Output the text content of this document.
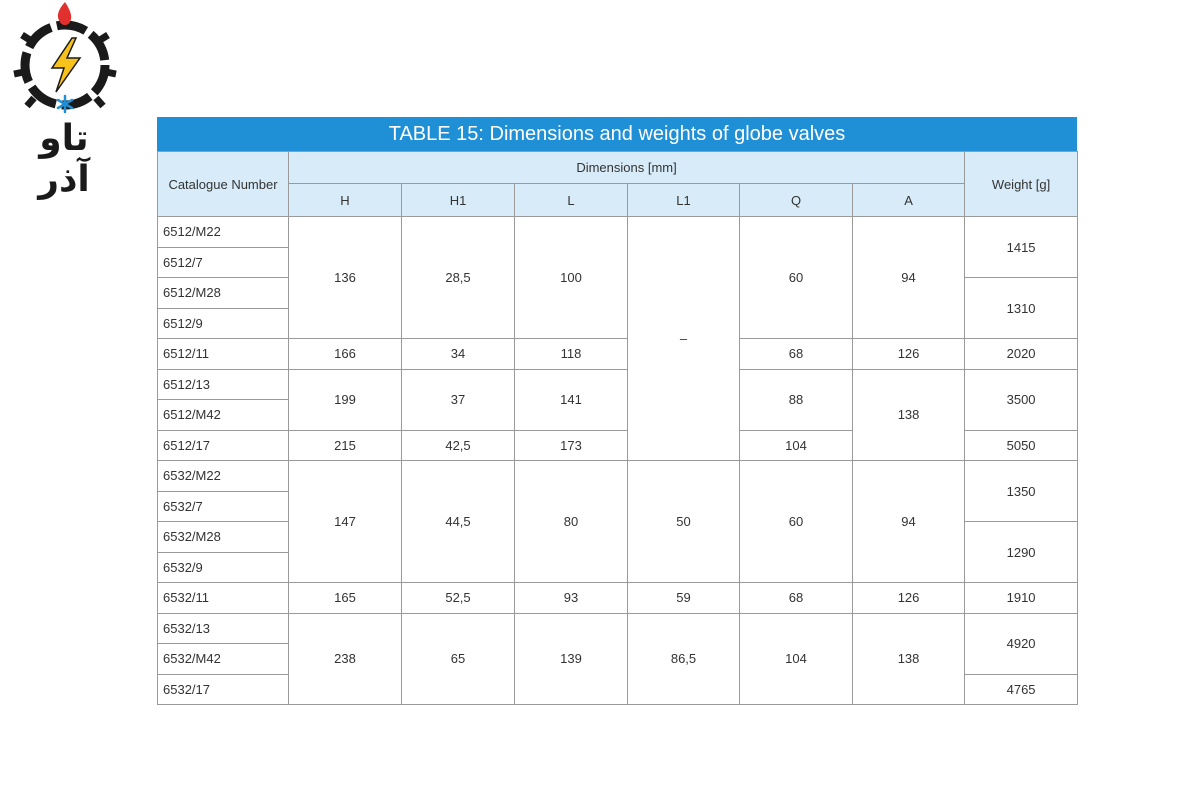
تاو آذر
TABLE 15: Dimensions and weights of globe valves
Catalogue Number	Dimensions [mm]						Weight [g]
	H	H1	L	L1	Q	A	
6512/M22	136	28,5	100	–	60	94	1415
6512/7							
6512/M28							1310
6512/9							
6512/11	166	34	118		68	126	2020
6512/13	199	37	141		88	138	3500
6512/M42							
6512/17	215	42,5	173		104		5050
6532/M22	147	44,5	80	50	60	94	1350
6532/7							
6532/M28							1290
6532/9							
6532/11	165	52,5	93	59	68	126	1910
6532/13	238	65	139	86,5	104	138	4920
6532/M42							
6532/17							4765
